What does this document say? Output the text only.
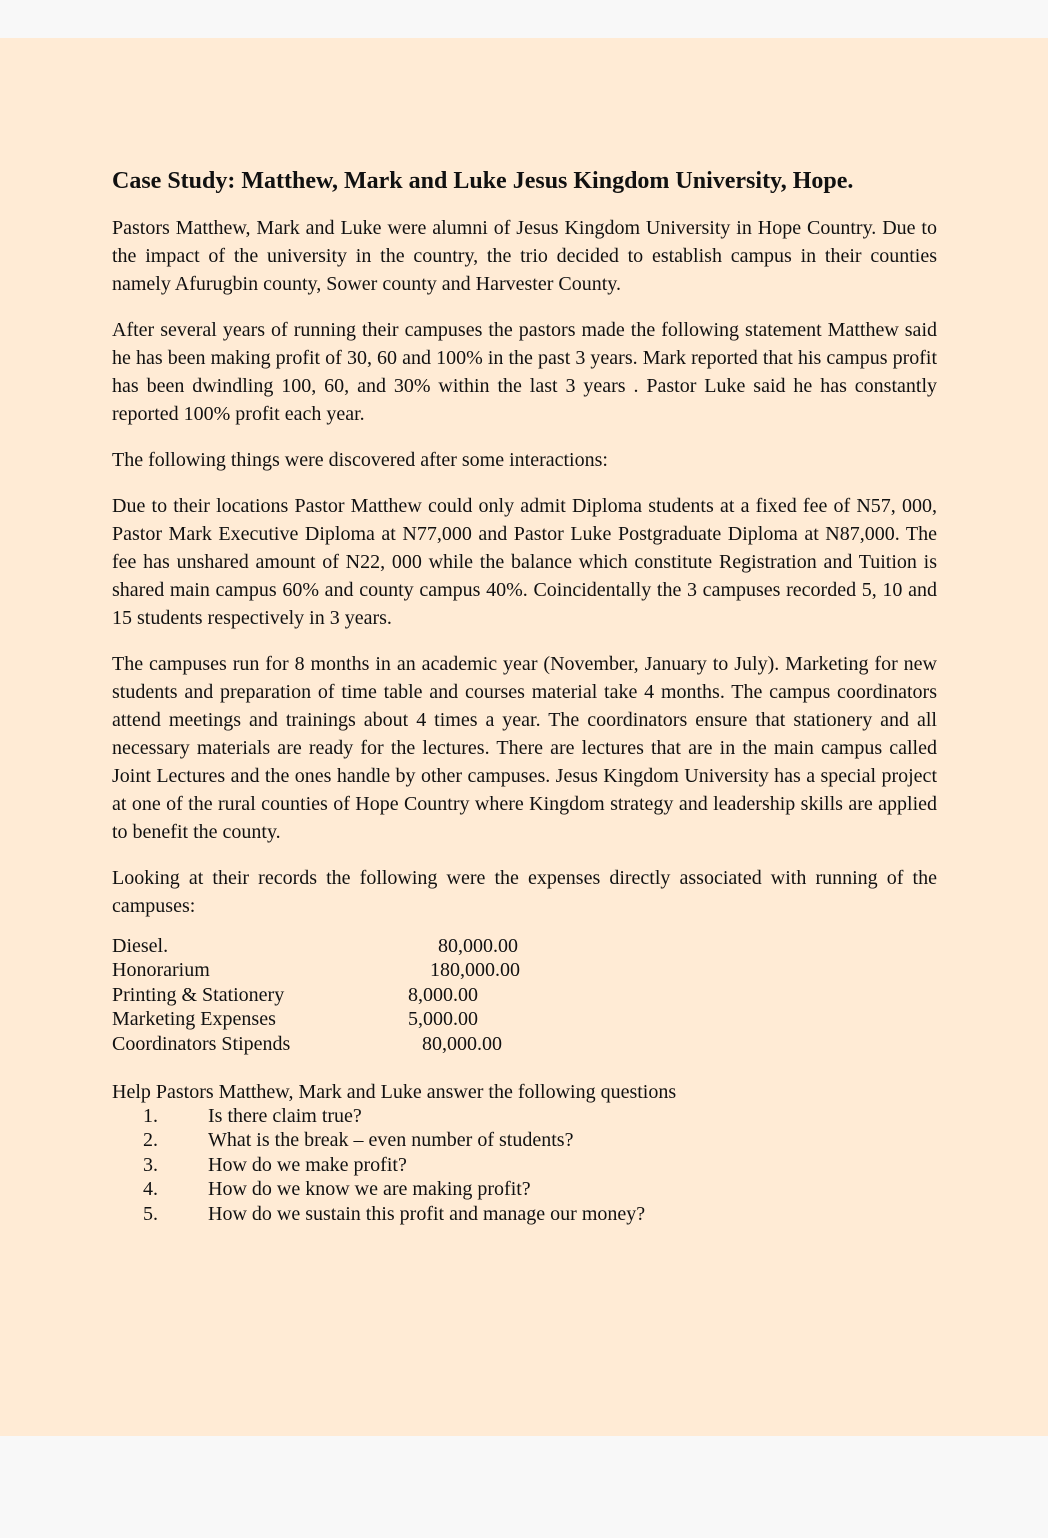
Case Study: Matthew, Mark and Luke Jesus Kingdom University, Hope.

Pastors Matthew, Mark and Luke were alumni of Jesus Kingdom University in Hope Country. Due to the impact of the university in the country, the trio decided to establish campus in their counties namely Afurugbin county, Sower county and Harvester County.

After several years of running their campuses the pastors made the following statement Matthew said he has been making profit of 30, 60 and 100% in the past 3 years. Mark reported that his campus profit has been dwindling 100, 60, and 30% within the last 3 years . Pastor Luke said he has constantly reported 100% profit each year.

The following things were discovered after some interactions:

Due to their locations Pastor Matthew could only admit Diploma students at a fixed fee of N57, 000, Pastor Mark Executive Diploma at N77,000 and Pastor Luke Postgraduate Diploma at N87,000. The fee has unshared amount of N22, 000 while the balance which constitute Registration and Tuition is shared main campus 60% and county campus 40%. Coincidentally the 3 campuses recorded 5, 10 and 15 students respectively in 3 years.

The campuses run for 8 months in an academic year (November, January to July). Marketing for new students and preparation of time table and courses material take 4 months. The campus coordinators attend meetings and trainings about 4 times a year. The coordinators ensure that stationery and all necessary materials are ready for the lectures. There are lectures that are in the main campus called Joint Lectures and the ones handle by other campuses. Jesus Kingdom University has a special project at one of the rural counties of Hope Country where Kingdom strategy and leadership skills are applied to benefit the county.

Looking at their records the following were the expenses directly associated with running of the campuses:

Diesel.	80,000.00
Honorarium	180,000.00
Printing & Stationery	8,000.00
Marketing Expenses	5,000.00
Coordinators Stipends	80,000.00
Help Pastors Matthew, Mark and Luke answer the following questions
1.	Is there claim true?
2.	What is the break – even number of students?
3.	How do we make profit?
4.	How do we know we are making profit?
5.	How do we sustain this profit and manage our money?
